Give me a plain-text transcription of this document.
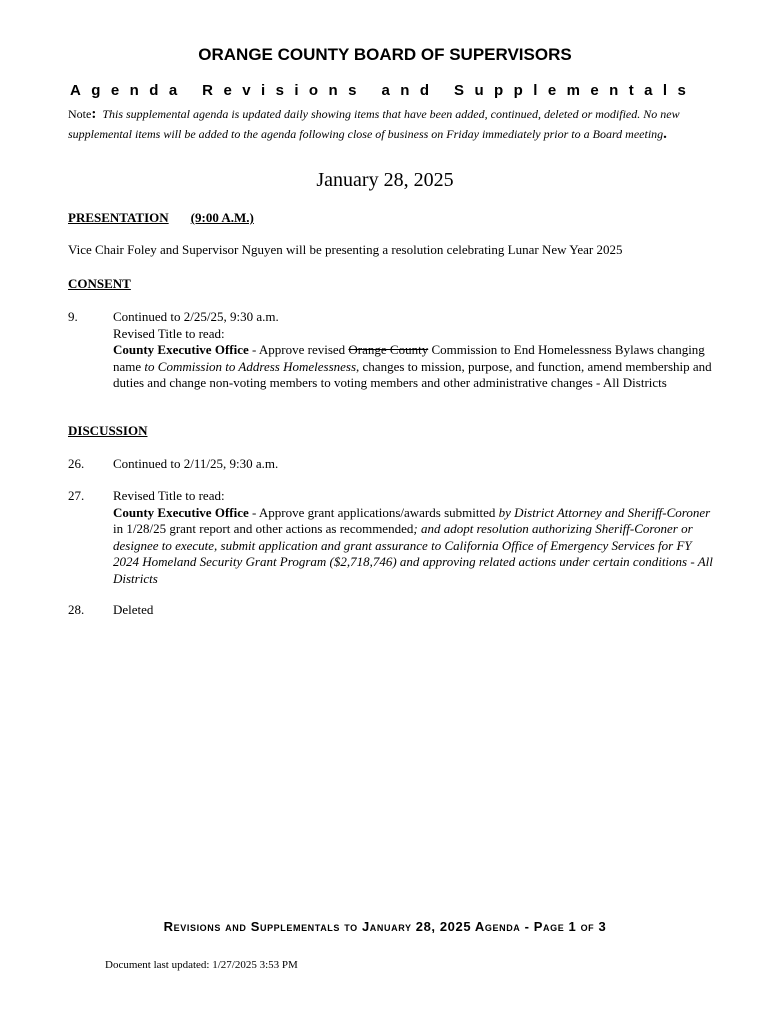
ORANGE COUNTY BOARD OF SUPERVISORS
A g e n d a
R e v i s i o n s
a n d
S u p p l e m e n t a l s
Note: This supplemental agenda is updated daily showing items that have been added, continued, deleted or modified. No new supplemental items will be added to the agenda following close of business on Friday immediately prior to a Board meeting.
January 28, 2025
PRESENTATION (9:00 A.M.)
Vice Chair Foley and Supervisor Nguyen will be presenting a resolution celebrating Lunar New Year 2025
CONSENT
9.	Continued to 2/25/25, 9:30 a.m.
Revised Title to read:
County Executive Office - Approve revised Orange County Commission to End Homelessness Bylaws changing name to Commission to Address Homelessness, changes to mission, purpose, and function, amend membership and duties and change non-voting members to voting members and other administrative changes - All Districts
DISCUSSION
26. Continued to 2/11/25, 9:30 a.m.
27. Revised Title to read:
County Executive Office - Approve grant applications/awards submitted by District Attorney and Sheriff-Coroner in 1/28/25 grant report and other actions as recommended; and adopt resolution authorizing Sheriff-Coroner or designee to execute, submit application and grant assurance to California Office of Emergency Services for FY 2024 Homeland Security Grant Program ($2,718,746) and approving related actions under certain conditions - All Districts
28. Deleted
Revisions and Supplementals to January 28, 2025 Agenda - Page 1 of 3
Document last updated: 1/27/2025 3:53 PM
